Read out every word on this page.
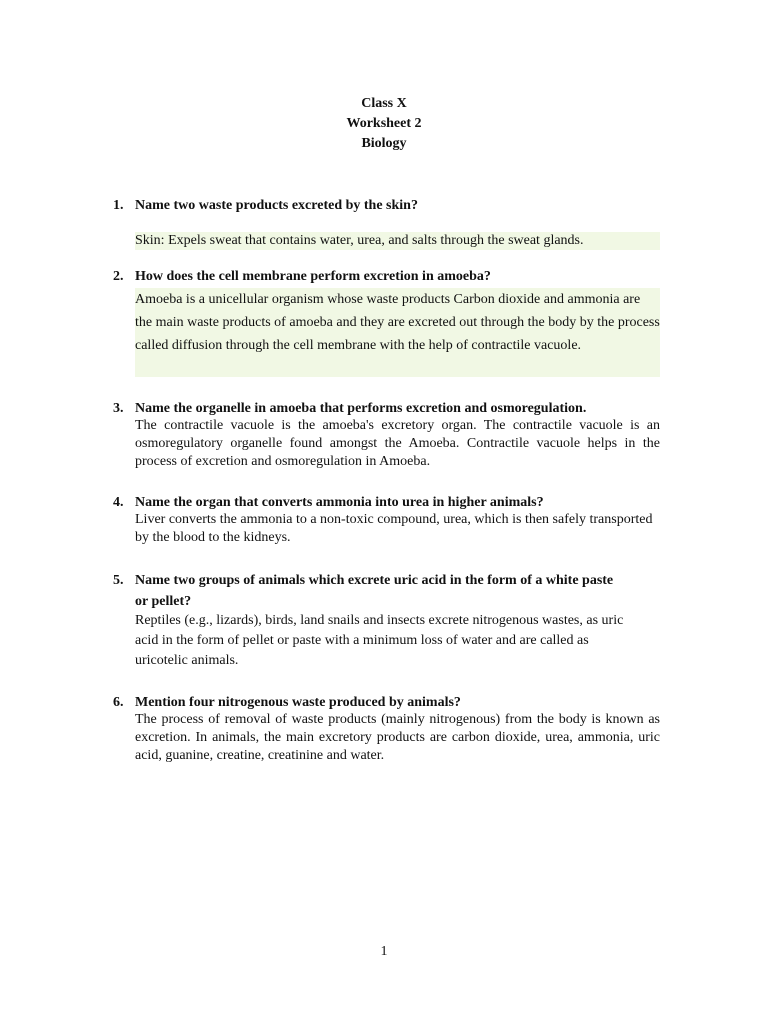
Class X
Worksheet 2
Biology
1. Name two waste products excreted by the skin?
Skin: Expels sweat that contains water, urea, and salts through the sweat glands.
2. How does the cell membrane perform excretion in amoeba?
Amoeba is a unicellular organism whose waste products Carbon dioxide and ammonia are the main waste products of amoeba and they are excreted out through the body by the process called diffusion through the cell membrane with the help of contractile vacuole.
3. Name the organelle in amoeba that performs excretion and osmoregulation.
The contractile vacuole is the amoeba's excretory organ. The contractile vacuole is an osmoregulatory organelle found amongst the Amoeba. Contractile vacuole helps in the process of excretion and osmoregulation in Amoeba.
4. Name the organ that converts ammonia into urea in higher animals?
Liver converts the ammonia to a non-toxic compound, urea, which is then safely transported by the blood to the kidneys.
5. Name two groups of animals which excrete uric acid in the form of a white paste or pellet?
Reptiles (e.g., lizards), birds, land snails and insects excrete nitrogenous wastes, as uric acid in the form of pellet or paste with a minimum loss of water and are called as uricotelic animals.
6. Mention four nitrogenous waste produced by animals?
The process of removal of waste products (mainly nitrogenous) from the body is known as excretion. In animals, the main excretory products are carbon dioxide, urea, ammonia, uric acid, guanine, creatine, creatinine and water.
1
